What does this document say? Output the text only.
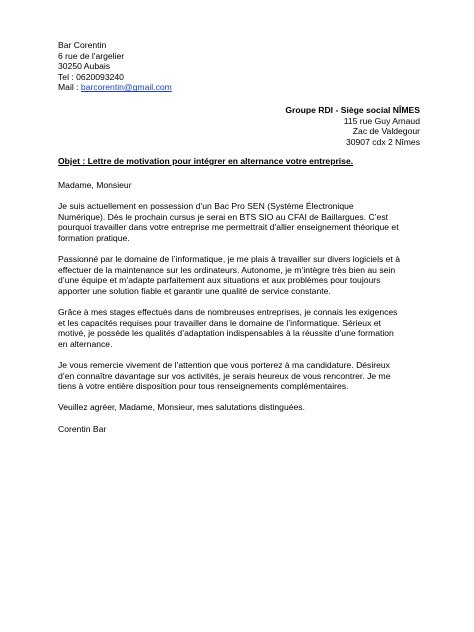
Bar Corentin
6 rue de l'argelier
30250 Aubais
Tel : 0620093240
Mail : barcorentin@gmail.com
Groupe RDI - Siège social NÎMES
115 rue Guy Arnaud
Zac de Valdegour
30907 cdx 2 Nîmes
Objet : Lettre de motivation pour intégrer en alternance votre entreprise.

Madame, Monsieur

Je suis actuellement en possession d’un Bac Pro SEN (Système Électronique
Numérique). Dès le prochain cursus je serai en BTS SIO au CFAI de Baillargues. C’est
pourquoi travailler dans votre entreprise me permettrait d’allier enseignement théorique et
formation pratique.

Passionné par le domaine de l’informatique, je me plais à travailler sur divers logiciels et à
effectuer de la maintenance sur les ordinateurs. Autonome, je m’intègre très bien au sein
d’une équipe et m’adapte parfaitement aux situations et aux problèmes pour toujours
apporter une solution fiable et garantir une qualité de service constante.

Grâce à mes stages effectués dans de nombreuses entreprises, je connais les exigences
et les capacités requises pour travailler dans le domaine de l’informatique. Sérieux et
motivé, je possède les qualités d’adaptation indispensables à la réussite d’une formation
en alternance.

Je vous remercie vivement de l’attention que vous porterez à ma candidature. Désireux
d’en connaître davantage sur vos activités, je serais heureux de vous rencontrer. Je me
tiens à votre entière disposition pour tous renseignements complémentaires.

Veuillez agréer, Madame, Monsieur, mes salutations distinguées.

Corentin Bar
